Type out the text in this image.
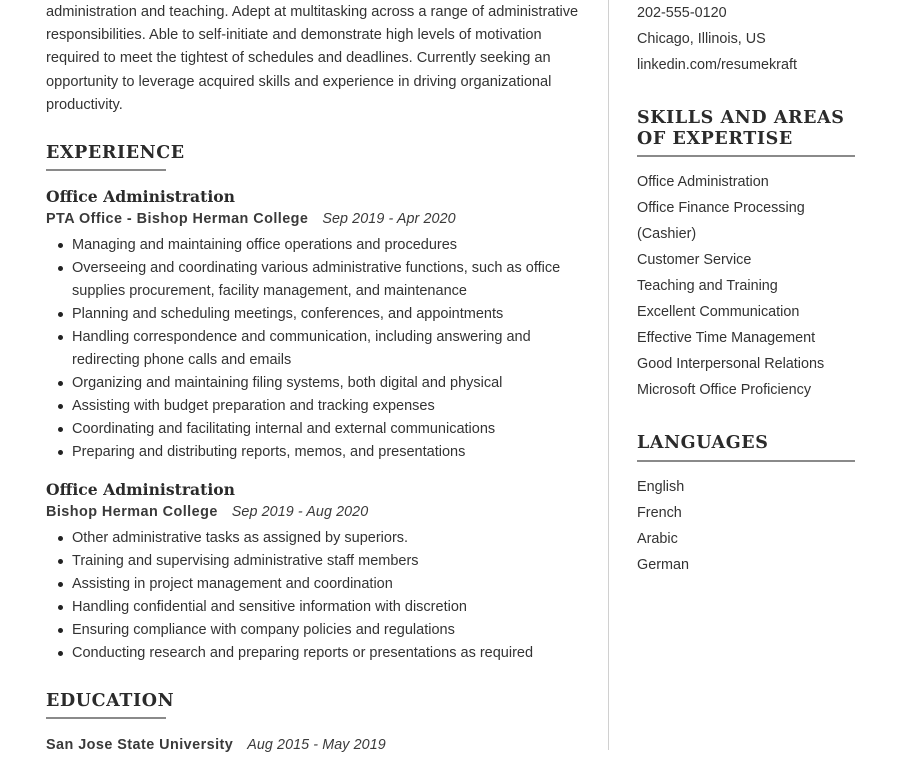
administration and teaching. Adept at multitasking across a range of administrative responsibilities. Able to self-initiate and demonstrate high levels of motivation required to meet the tightest of schedules and deadlines. Currently seeking an opportunity to leverage acquired skills and experience in driving organizational productivity.

EXPERIENCE
Office Administration

PTA Office - Bishop Herman College Sep 2019 - Apr 2020

Managing and maintaining office operations and procedures
Overseeing and coordinating various administrative functions, such as office supplies procurement, facility management, and maintenance
Planning and scheduling meetings, conferences, and appointments
Handling correspondence and communication, including answering and redirecting phone calls and emails
Organizing and maintaining filing systems, both digital and physical
Assisting with budget preparation and tracking expenses
Coordinating and facilitating internal and external communications
Preparing and distributing reports, memos, and presentations
Office Administration

Bishop Herman College Sep 2019 - Aug 2020

Other administrative tasks as assigned by superiors.
Training and supervising administrative staff members
Assisting in project management and coordination
Handling confidential and sensitive information with discretion
Ensuring compliance with company policies and regulations
Conducting research and preparing reports or presentations as required
EDUCATION

San Jose State University Aug 2015 - May 2019

202-555-0120
Chicago, Illinois, US
linkedin.com/resumekraft
SKILLS AND AREAS OF EXPERTISE
Office Administration
Office Finance Processing (Cashier)
Customer Service
Teaching and Training
Excellent Communication
Effective Time Management
Good Interpersonal Relations
Microsoft Office Proficiency
LANGUAGES
English
French
Arabic
German
